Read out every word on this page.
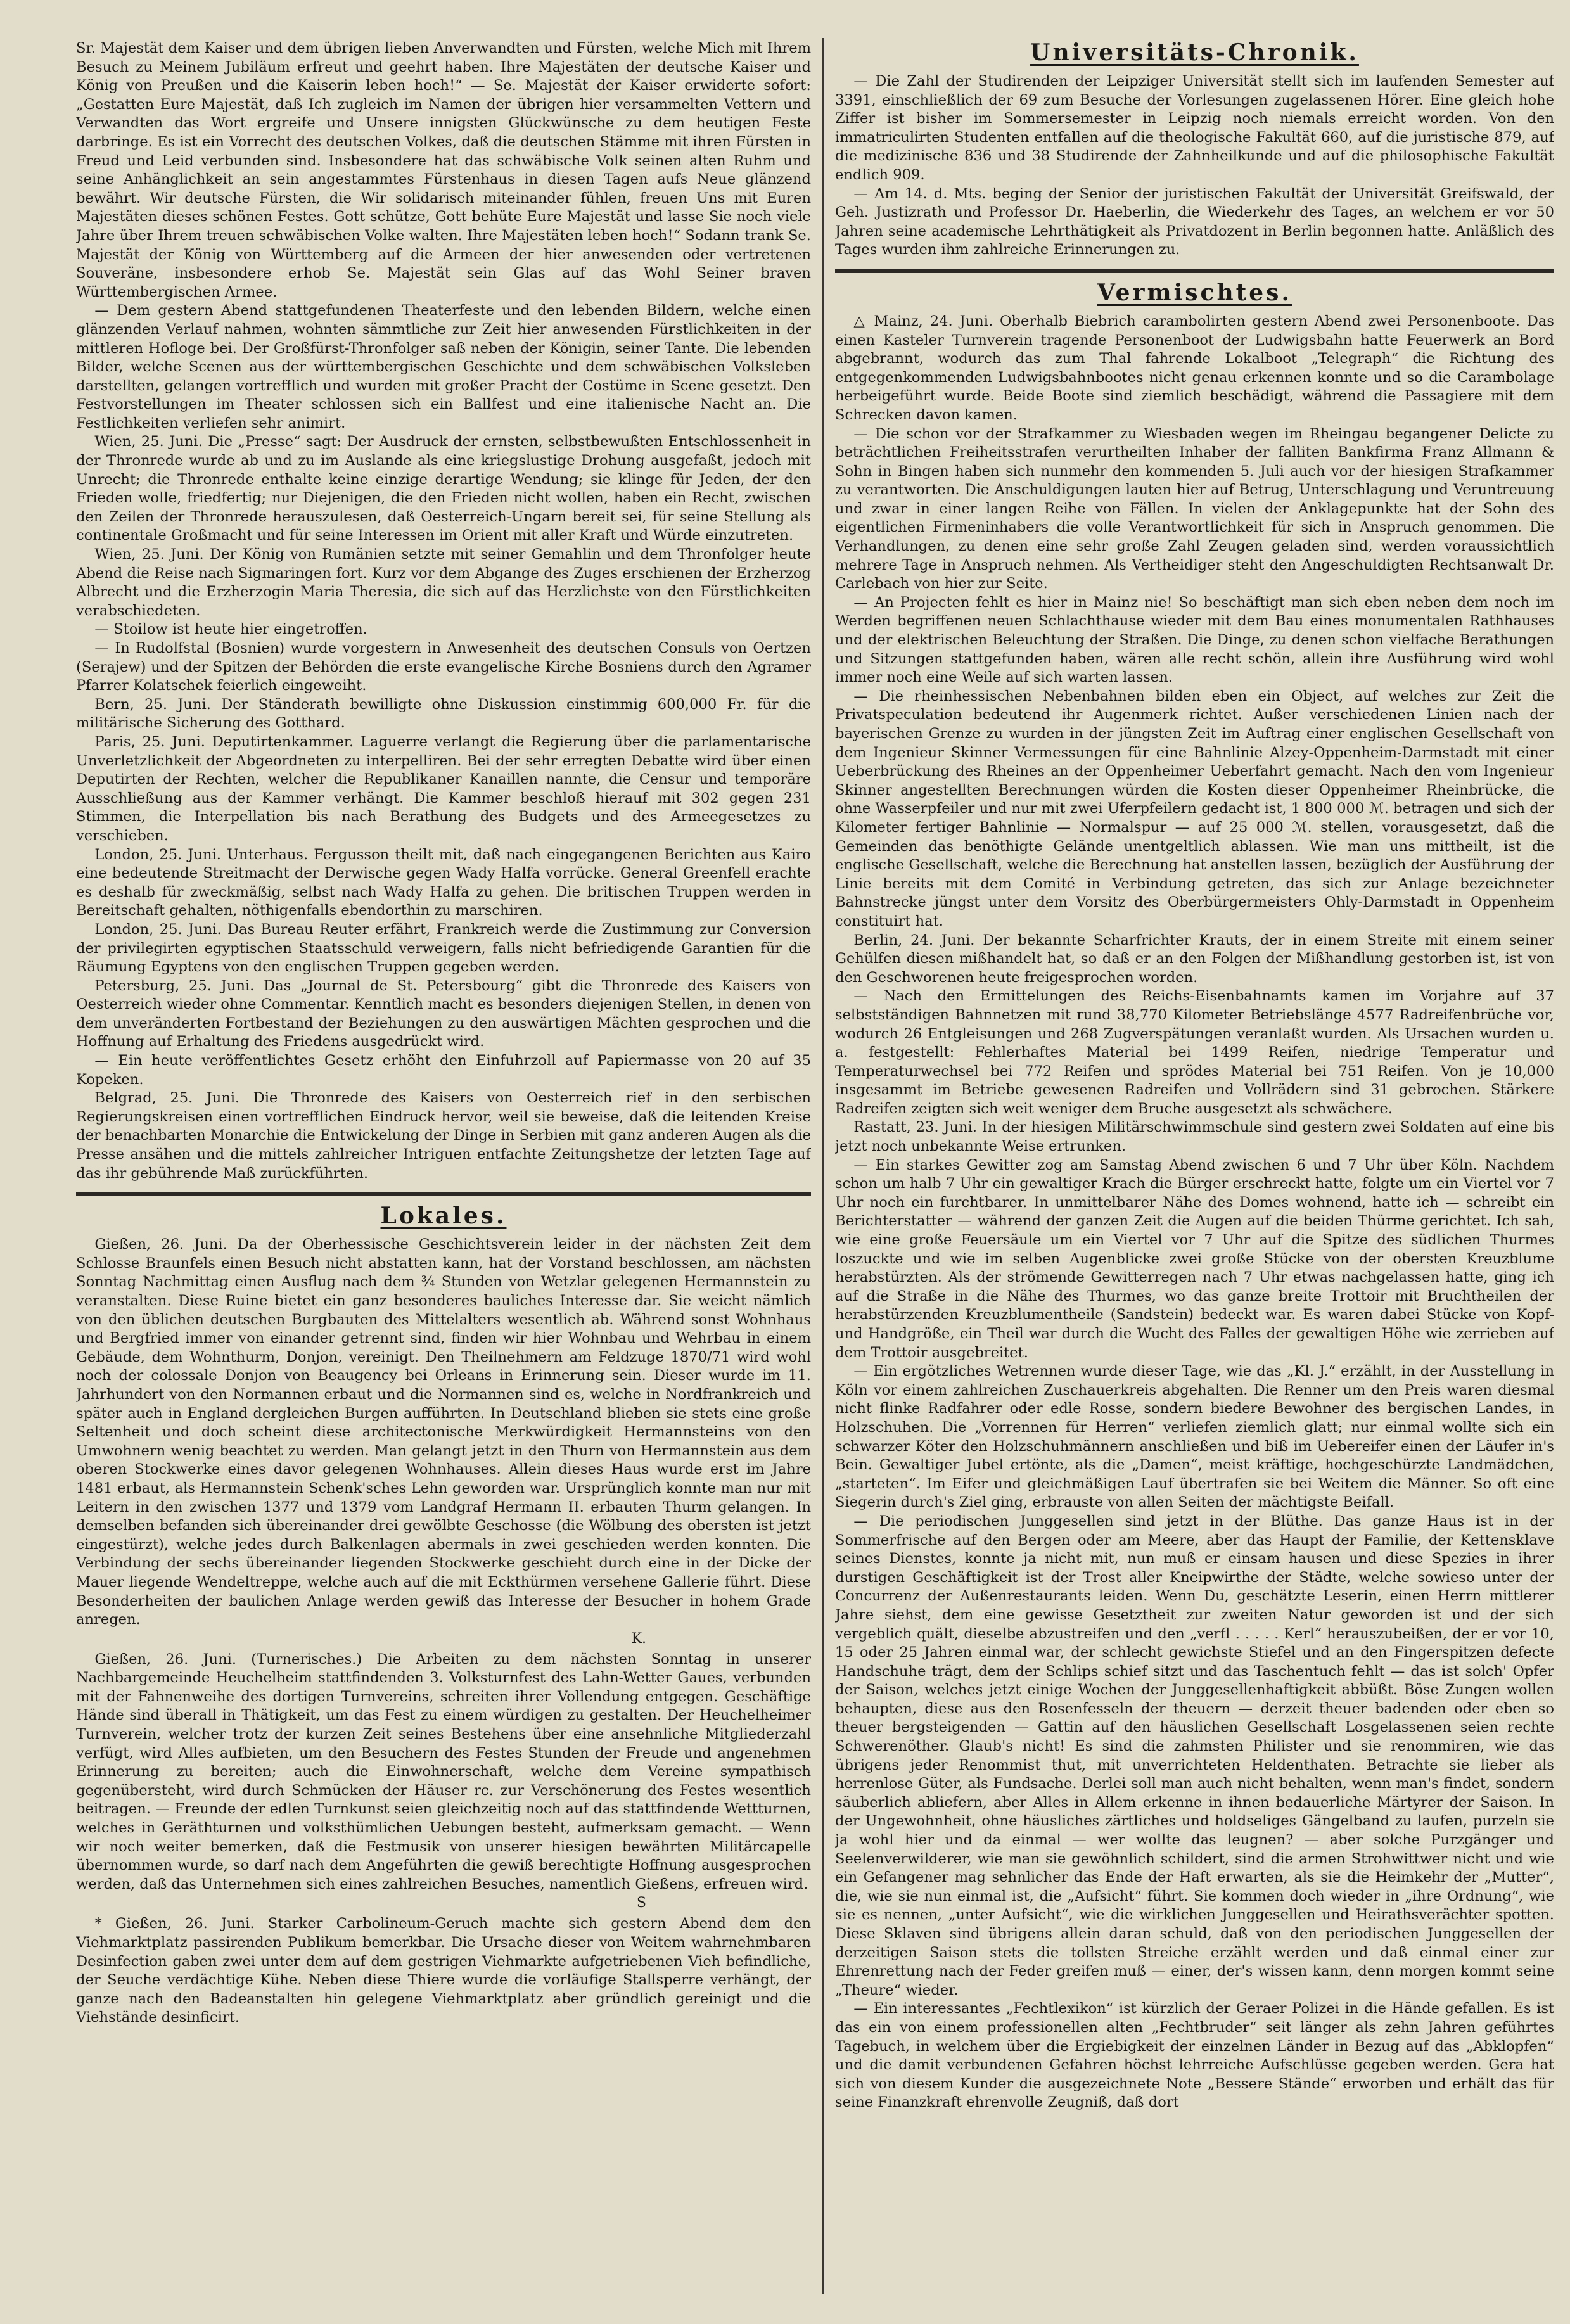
Sr. Majestät dem Kaiser und dem übrigen lieben Anverwandten und Fürsten, welche Mich mit Ihrem Besuch zu Meinem Jubiläum erfreut und geehrt haben. Ihre Majestäten der deutsche Kaiser und König von Preußen und die Kaiserin leben hoch!“ — Se. Majestät der Kaiser erwiderte sofort: „Gestatten Eure Majestät, daß Ich zugleich im Namen der übrigen hier versammelten Vettern und Verwandten das Wort ergreife und Unsere innigsten Glückwünsche zu dem heutigen Feste darbringe. Es ist ein Vorrecht des deutschen Volkes, daß die deutschen Stämme mit ihren Fürsten in Freud und Leid verbunden sind. Insbesondere hat das schwäbische Volk seinen alten Ruhm und seine Anhänglichkeit an sein angestammtes Fürstenhaus in diesen Tagen aufs Neue glänzend bewährt. Wir deutsche Fürsten, die Wir solidarisch miteinander fühlen, freuen Uns mit Euren Majestäten dieses schönen Festes. Gott schütze, Gott behüte Eure Majestät und lasse Sie noch viele Jahre über Ihrem treuen schwäbischen Volke walten. Ihre Majestäten leben hoch!“ Sodann trank Se. Majestät der König von Württemberg auf die Armeen der hier anwesenden oder vertretenen Souveräne, insbesondere erhob Se. Majestät sein Glas auf das Wohl Seiner braven Württembergischen Armee.

— Dem gestern Abend stattgefundenen Theaterfeste und den lebenden Bildern, welche einen glänzenden Verlauf nahmen, wohnten sämmtliche zur Zeit hier anwesenden Fürstlichkeiten in der mittleren Hofloge bei. Der Großfürst-Thronfolger saß neben der Königin, seiner Tante. Die lebenden Bilder, welche Scenen aus der württembergischen Geschichte und dem schwäbischen Volksleben darstellten, gelangen vortrefflich und wurden mit großer Pracht der Costüme in Scene gesetzt. Den Festvorstellungen im Theater schlossen sich ein Ballfest und eine italienische Nacht an. Die Festlichkeiten verliefen sehr animirt.

Wien, 25. Juni. Die „Presse“ sagt: Der Ausdruck der ernsten, selbstbewußten Entschlossenheit in der Thronrede wurde ab und zu im Auslande als eine kriegslustige Drohung ausgefaßt, jedoch mit Unrecht; die Thronrede enthalte keine einzige derartige Wendung; sie klinge für Jeden, der den Frieden wolle, friedfertig; nur Diejenigen, die den Frieden nicht wollen, haben ein Recht, zwischen den Zeilen der Thronrede herauszulesen, daß Oesterreich-Ungarn bereit sei, für seine Stellung als continentale Großmacht und für seine Interessen im Orient mit aller Kraft und Würde einzutreten.

Wien, 25. Juni. Der König von Rumänien setzte mit seiner Gemahlin und dem Thronfolger heute Abend die Reise nach Sigmaringen fort. Kurz vor dem Abgange des Zuges erschienen der Erzherzog Albrecht und die Erzherzogin Maria Theresia, die sich auf das Herzlichste von den Fürstlichkeiten verabschiedeten.

— Stoilow ist heute hier eingetroffen.

— In Rudolfstal (Bosnien) wurde vorgestern in Anwesenheit des deutschen Consuls von Oertzen (Serajew) und der Spitzen der Behörden die erste evangelische Kirche Bosniens durch den Agramer Pfarrer Kolatschek feierlich eingeweiht.

Bern, 25. Juni. Der Ständerath bewilligte ohne Diskussion einstimmig 600,000 Fr. für die militärische Sicherung des Gotthard.

Paris, 25. Juni. Deputirtenkammer. Laguerre verlangt die Regierung über die parlamentarische Unverletzlichkeit der Abgeordneten zu interpelliren. Bei der sehr erregten Debatte wird über einen Deputirten der Rechten, welcher die Republikaner Kanaillen nannte, die Censur und temporäre Ausschließung aus der Kammer verhängt. Die Kammer beschloß hierauf mit 302 gegen 231 Stimmen, die Interpellation bis nach Berathung des Budgets und des Armeegesetzes zu verschieben.

London, 25. Juni. Unterhaus. Fergusson theilt mit, daß nach eingegangenen Berichten aus Kairo eine bedeutende Streitmacht der Derwische gegen Wady Halfa vorrücke. General Greenfell erachte es deshalb für zweckmäßig, selbst nach Wady Halfa zu gehen. Die britischen Truppen werden in Bereitschaft gehalten, nöthigenfalls ebendorthin zu marschiren.

London, 25. Juni. Das Bureau Reuter erfährt, Frankreich werde die Zustimmung zur Conversion der privilegirten egyptischen Staatsschuld verweigern, falls nicht befriedigende Garantien für die Räumung Egyptens von den englischen Truppen gegeben werden.

Petersburg, 25. Juni. Das „Journal de St. Petersbourg“ gibt die Thronrede des Kaisers von Oesterreich wieder ohne Commentar. Kenntlich macht es besonders diejenigen Stellen, in denen von dem unveränderten Fortbestand der Beziehungen zu den auswärtigen Mächten gesprochen und die Hoffnung auf Erhaltung des Friedens ausgedrückt wird.

— Ein heute veröffentlichtes Gesetz erhöht den Einfuhrzoll auf Papiermasse von 20 auf 35 Kopeken.

Belgrad, 25. Juni. Die Thronrede des Kaisers von Oesterreich rief in den serbischen Regierungskreisen einen vortrefflichen Eindruck hervor, weil sie beweise, daß die leitenden Kreise der benachbarten Monarchie die Entwickelung der Dinge in Serbien mit ganz anderen Augen als die Presse ansähen und die mittels zahlreicher Intriguen entfachte Zeitungshetze der letzten Tage auf das ihr gebührende Maß zurückführten.

Lokales.

Gießen, 26. Juni. Da der Oberhessische Geschichtsverein leider in der nächsten Zeit dem Schlosse Braunfels einen Besuch nicht abstatten kann, hat der Vorstand beschlossen, am nächsten Sonntag Nachmittag einen Ausflug nach dem ¾ Stunden von Wetzlar gelegenen Hermannstein zu veranstalten. Diese Ruine bietet ein ganz besonderes bauliches Interesse dar. Sie weicht nämlich von den üblichen deutschen Burgbauten des Mittelalters wesentlich ab. Während sonst Wohnhaus und Bergfried immer von einander getrennt sind, finden wir hier Wohnbau und Wehrbau in einem Gebäude, dem Wohnthurm, Donjon, vereinigt. Den Theilnehmern am Feldzuge 1870/71 wird wohl noch der colossale Donjon von Beaugency bei Orleans in Erinnerung sein. Dieser wurde im 11. Jahrhundert von den Normannen erbaut und die Normannen sind es, welche in Nordfrankreich und später auch in England dergleichen Burgen aufführten. In Deutschland blieben sie stets eine große Seltenheit und doch scheint diese architectonische Merkwürdigkeit Hermannsteins von den Umwohnern wenig beachtet zu werden. Man gelangt jetzt in den Thurn von Hermannstein aus dem oberen Stockwerke eines davor gelegenen Wohnhauses. Allein dieses Haus wurde erst im Jahre 1481 erbaut, als Hermannstein Schenk'sches Lehn geworden war. Ursprünglich konnte man nur mit Leitern in den zwischen 1377 und 1379 vom Landgraf Hermann II. erbauten Thurm gelangen. In demselben befanden sich übereinander drei gewölbte Geschosse (die Wölbung des obersten ist jetzt eingestürzt), welche jedes durch Balkenlagen abermals in zwei geschieden werden konnten. Die Verbindung der sechs übereinander liegenden Stockwerke geschieht durch eine in der Dicke der Mauer liegende Wendeltreppe, welche auch auf die mit Eckthürmen versehene Gallerie führt. Diese Besonderheiten der baulichen Anlage werden gewiß das Interesse der Besucher in hohem Grade anregen.

K.

Gießen, 26. Juni. (Turnerisches.) Die Arbeiten zu dem nächsten Sonntag in unserer Nachbargemeinde Heuchelheim stattfindenden 3. Volksturnfest des Lahn-Wetter Gaues, verbunden mit der Fahnenweihe des dortigen Turnvereins, schreiten ihrer Vollendung entgegen. Geschäftige Hände sind überall in Thätigkeit, um das Fest zu einem würdigen zu gestalten. Der Heuchelheimer Turnverein, welcher trotz der kurzen Zeit seines Bestehens über eine ansehnliche Mitgliederzahl verfügt, wird Alles aufbieten, um den Besuchern des Festes Stunden der Freude und angenehmen Erinnerung zu bereiten; auch die Einwohnerschaft, welche dem Vereine sympathisch gegenübersteht, wird durch Schmücken der Häuser rc. zur Verschönerung des Festes wesentlich beitragen. — Freunde der edlen Turnkunst seien gleichzeitig noch auf das stattfindende Wettturnen, welches in Geräthturnen und volksthümlichen Uebungen besteht, aufmerksam gemacht. — Wenn wir noch weiter bemerken, daß die Festmusik von unserer hiesigen bewährten Militärcapelle übernommen wurde, so darf nach dem Angeführten die gewiß berechtigte Hoffnung ausgesprochen werden, daß das Unternehmen sich eines zahlreichen Besuches, namentlich Gießens, erfreuen wird.

S

* Gießen, 26. Juni. Starker Carbolineum-Geruch machte sich gestern Abend dem den Viehmarktplatz passirenden Publikum bemerkbar. Die Ursache dieser von Weitem wahrnehmbaren Desinfection gaben zwei unter dem auf dem gestrigen Viehmarkte aufgetriebenen Vieh befindliche, der Seuche verdächtige Kühe. Neben diese Thiere wurde die vorläufige Stallsperre verhängt, der ganze nach den Badeanstalten hin gelegene Viehmarktplatz aber gründlich gereinigt und die Viehstände desinficirt.

Universitäts-Chronik.

— Die Zahl der Studirenden der Leipziger Universität stellt sich im laufenden Semester auf 3391, einschließlich der 69 zum Besuche der Vorlesungen zugelassenen Hörer. Eine gleich hohe Ziffer ist bisher im Sommersemester in Leipzig noch niemals erreicht worden. Von den immatriculirten Studenten entfallen auf die theologische Fakultät 660, auf die juristische 879, auf die medizinische 836 und 38 Studirende der Zahnheilkunde und auf die philosophische Fakultät endlich 909.

— Am 14. d. Mts. beging der Senior der juristischen Fakultät der Universität Greifswald, der Geh. Justizrath und Professor Dr. Haeberlin, die Wiederkehr des Tages, an welchem er vor 50 Jahren seine academische Lehrthätigkeit als Privatdozent in Berlin begonnen hatte. Anläßlich des Tages wurden ihm zahlreiche Erinnerungen zu.

Vermischtes.

△ Mainz, 24. Juni. Oberhalb Biebrich carambolirten gestern Abend zwei Personenboote. Das einen Kasteler Turnverein tragende Personenboot der Ludwigsbahn hatte Feuerwerk an Bord abgebrannt, wodurch das zum Thal fahrende Lokalboot „Telegraph“ die Richtung des entgegenkommenden Ludwigsbahnbootes nicht genau erkennen konnte und so die Carambolage herbeigeführt wurde. Beide Boote sind ziemlich beschädigt, während die Passagiere mit dem Schrecken davon kamen.

— Die schon vor der Strafkammer zu Wiesbaden wegen im Rheingau begangener Delicte zu beträchtlichen Freiheitsstrafen verurtheilten Inhaber der falliten Bankfirma Franz Allmann & Sohn in Bingen haben sich nunmehr den kommenden 5. Juli auch vor der hiesigen Strafkammer zu verantworten. Die Anschuldigungen lauten hier auf Betrug, Unterschlagung und Veruntreuung und zwar in einer langen Reihe von Fällen. In vielen der Anklagepunkte hat der Sohn des eigentlichen Firmeninhabers die volle Verantwortlichkeit für sich in Anspruch genommen. Die Verhandlungen, zu denen eine sehr große Zahl Zeugen geladen sind, werden voraussichtlich mehrere Tage in Anspruch nehmen. Als Vertheidiger steht den Angeschuldigten Rechtsanwalt Dr. Carlebach von hier zur Seite.

— An Projecten fehlt es hier in Mainz nie! So beschäftigt man sich eben neben dem noch im Werden begriffenen neuen Schlachthause wieder mit dem Bau eines monumentalen Rathhauses und der elektrischen Beleuchtung der Straßen. Die Dinge, zu denen schon vielfache Berathungen und Sitzungen stattgefunden haben, wären alle recht schön, allein ihre Ausführung wird wohl immer noch eine Weile auf sich warten lassen.

— Die rheinhessischen Nebenbahnen bilden eben ein Object, auf welches zur Zeit die Privatspeculation bedeutend ihr Augenmerk richtet. Außer verschiedenen Linien nach der bayerischen Grenze zu wurden in der jüngsten Zeit im Auftrag einer englischen Gesellschaft von dem Ingenieur Skinner Vermessungen für eine Bahnlinie Alzey-Oppenheim-Darmstadt mit einer Ueberbrückung des Rheines an der Oppenheimer Ueberfahrt gemacht. Nach den vom Ingenieur Skinner angestellten Berechnungen würden die Kosten dieser Oppenheimer Rheinbrücke, die ohne Wasserpfeiler und nur mit zwei Uferpfeilern gedacht ist, 1 800 000 ℳ. betragen und sich der Kilometer fertiger Bahnlinie — Normalspur — auf 25 000 ℳ. stellen, vorausgesetzt, daß die Gemeinden das benöthigte Gelände unentgeltlich ablassen. Wie man uns mittheilt, ist die englische Gesellschaft, welche die Berechnung hat anstellen lassen, bezüglich der Ausführung der Linie bereits mit dem Comité in Verbindung getreten, das sich zur Anlage bezeichneter Bahnstrecke jüngst unter dem Vorsitz des Oberbürgermeisters Ohly-Darmstadt in Oppenheim constituirt hat.

Berlin, 24. Juni. Der bekannte Scharfrichter Krauts, der in einem Streite mit einem seiner Gehülfen diesen mißhandelt hat, so daß er an den Folgen der Mißhandlung gestorben ist, ist von den Geschworenen heute freigesprochen worden.

— Nach den Ermittelungen des Reichs-Eisenbahnamts kamen im Vorjahre auf 37 selbstständigen Bahnnetzen mit rund 38,770 Kilometer Betriebslänge 4577 Radreifenbrüche vor, wodurch 26 Entgleisungen und 268 Zugverspätungen veranlaßt wurden. Als Ursachen wurden u. a. festgestellt: Fehlerhaftes Material bei 1499 Reifen, niedrige Temperatur und Temperaturwechsel bei 772 Reifen und sprödes Material bei 751 Reifen. Von je 10,000 insgesammt im Betriebe gewesenen Radreifen und Vollrädern sind 31 gebrochen. Stärkere Radreifen zeigten sich weit weniger dem Bruche ausgesetzt als schwächere.

Rastatt, 23. Juni. In der hiesigen Militärschwimmschule sind gestern zwei Soldaten auf eine bis jetzt noch unbekannte Weise ertrunken.

— Ein starkes Gewitter zog am Samstag Abend zwischen 6 und 7 Uhr über Köln. Nachdem schon um halb 7 Uhr ein gewaltiger Krach die Bürger erschreckt hatte, folgte um ein Viertel vor 7 Uhr noch ein furchtbarer. In unmittelbarer Nähe des Domes wohnend, hatte ich — schreibt ein Berichterstatter — während der ganzen Zeit die Augen auf die beiden Thürme gerichtet. Ich sah, wie eine große Feuersäule um ein Viertel vor 7 Uhr auf die Spitze des südlichen Thurmes loszuckte und wie im selben Augenblicke zwei große Stücke von der obersten Kreuzblume herabstürzten. Als der strömende Gewitterregen nach 7 Uhr etwas nachgelassen hatte, ging ich auf die Straße in die Nähe des Thurmes, wo das ganze breite Trottoir mit Bruchtheilen der herabstürzenden Kreuzblumentheile (Sandstein) bedeckt war. Es waren dabei Stücke von Kopf- und Handgröße, ein Theil war durch die Wucht des Falles der gewaltigen Höhe wie zerrieben auf dem Trottoir ausgebreitet.

— Ein ergötzliches Wetrennen wurde dieser Tage, wie das „Kl. J.“ erzählt, in der Ausstellung in Köln vor einem zahlreichen Zuschauerkreis abgehalten. Die Renner um den Preis waren diesmal nicht flinke Radfahrer oder edle Rosse, sondern biedere Bewohner des bergischen Landes, in Holzschuhen. Die „Vorrennen für Herren“ verliefen ziemlich glatt; nur einmal wollte sich ein schwarzer Köter den Holzschuhmännern anschließen und biß im Uebereifer einen der Läufer in's Bein. Gewaltiger Jubel ertönte, als die „Damen“, meist kräftige, hochgeschürzte Landmädchen, „starteten“. Im Eifer und gleichmäßigen Lauf übertrafen sie bei Weitem die Männer. So oft eine Siegerin durch's Ziel ging, erbrauste von allen Seiten der mächtigste Beifall.

— Die periodischen Junggesellen sind jetzt in der Blüthe. Das ganze Haus ist in der Sommerfrische auf den Bergen oder am Meere, aber das Haupt der Familie, der Kettensklave seines Dienstes, konnte ja nicht mit, nun muß er einsam hausen und diese Spezies in ihrer durstigen Geschäftigkeit ist der Trost aller Kneipwirthe der Städte, welche sowieso unter der Concurrenz der Außenrestaurants leiden. Wenn Du, geschätzte Leserin, einen Herrn mittlerer Jahre siehst, dem eine gewisse Gesetztheit zur zweiten Natur geworden ist und der sich vergeblich quält, dieselbe abzustreifen und den „verfl . . . . . Kerl“ herauszubeißen, der er vor 10, 15 oder 25 Jahren einmal war, der schlecht gewichste Stiefel und an den Fingerspitzen defecte Handschuhe trägt, dem der Schlips schief sitzt und das Taschentuch fehlt — das ist solch' Opfer der Saison, welches jetzt einige Wochen der Junggesellenhaftigkeit abbüßt. Böse Zungen wollen behaupten, diese aus den Rosenfesseln der theuern — derzeit theuer badenden oder eben so theuer bergsteigenden — Gattin auf den häuslichen Gesellschaft Losgelassenen seien rechte Schwerenöther. Glaub's nicht! Es sind die zahmsten Philister und sie renommiren, wie das übrigens jeder Renommist thut, mit unverrichteten Heldenthaten. Betrachte sie lieber als herrenlose Güter, als Fundsache. Derlei soll man auch nicht behalten, wenn man's findet, sondern säuberlich abliefern, aber Alles in Allem erkenne in ihnen bedauerliche Märtyrer der Saison. In der Ungewohnheit, ohne häusliches zärtliches und holdseliges Gängelband zu laufen, purzeln sie ja wohl hier und da einmal — wer wollte das leugnen? — aber solche Purzgänger und Seelenverwilderer, wie man sie gewöhnlich schildert, sind die armen Strohwittwer nicht und wie ein Gefangener mag sehnlicher das Ende der Haft erwarten, als sie die Heimkehr der „Mutter“, die, wie sie nun einmal ist, die „Aufsicht“ führt. Sie kommen doch wieder in „ihre Ordnung“, wie sie es nennen, „unter Aufsicht“, wie die wirklichen Junggesellen und Heirathsverächter spotten. Diese Sklaven sind übrigens allein daran schuld, daß von den periodischen Junggesellen der derzeitigen Saison stets die tollsten Streiche erzählt werden und daß einmal einer zur Ehrenrettung nach der Feder greifen muß — einer, der's wissen kann, denn morgen kommt seine „Theure“ wieder.

— Ein interessantes „Fechtlexikon“ ist kürzlich der Geraer Polizei in die Hände gefallen. Es ist das ein von einem professionellen alten „Fechtbruder“ seit länger als zehn Jahren geführtes Tagebuch, in welchem über die Ergiebigkeit der einzelnen Länder in Bezug auf das „Abklopfen“ und die damit verbundenen Gefahren höchst lehrreiche Aufschlüsse gegeben werden. Gera hat sich von diesem Kunder die ausgezeichnete Note „Bessere Stände“ erworben und erhält das für seine Finanzkraft ehrenvolle Zeugniß, daß dort
